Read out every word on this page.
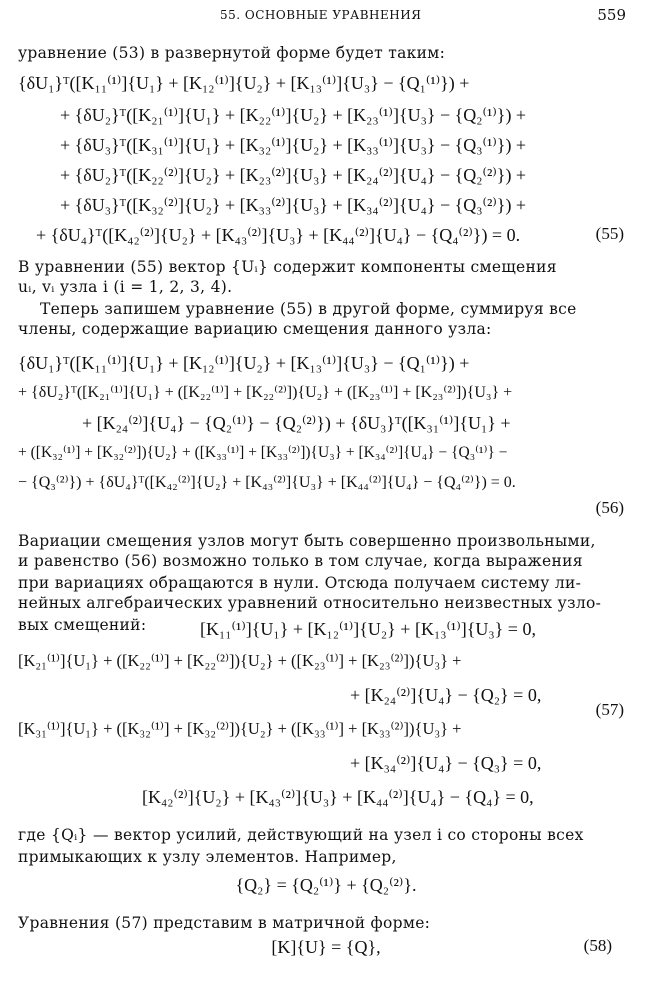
55. ОСНОВНЫЕ УРАВНЕНИЯ	559
уравнение (53) в развернутой форме будет таким:
{δU₁}ᵀ([K₁₁⁽¹⁾]{U₁} + [K₁₂⁽¹⁾]{U₂} + [K₁₃⁽¹⁾]{U₃} − {Q₁⁽¹⁾}) +
+ {δU₂}ᵀ([K₂₁⁽¹⁾]{U₁} + [K₂₂⁽¹⁾]{U₂} + [K₂₃⁽¹⁾]{U₃} − {Q₂⁽¹⁾}) +
+ {δU₃}ᵀ([K₃₁⁽¹⁾]{U₁} + [K₃₂⁽¹⁾]{U₂} + [K₃₃⁽¹⁾]{U₃} − {Q₃⁽¹⁾}) +
+ {δU₂}ᵀ([K₂₂⁽²⁾]{U₂} + [K₂₃⁽²⁾]{U₃} + [K₂₄⁽²⁾]{U₄} − {Q₂⁽²⁾}) +
+ {δU₃}ᵀ([K₃₂⁽²⁾]{U₂} + [K₃₃⁽²⁾]{U₃} + [K₃₄⁽²⁾]{U₄} − {Q₃⁽²⁾}) +
+ {δU₄}ᵀ([K₄₂⁽²⁾]{U₂} + [K₄₃⁽²⁾]{U₃} + [K₄₄⁽²⁾]{U₄} − {Q₄⁽²⁾}) = 0.	(55)
В уравнении (55) вектор {Uᵢ} содержит компоненты смещения
uᵢ, vᵢ узла i (i = 1, 2, 3, 4).
Теперь запишем уравнение (55) в другой форме, суммируя все
члены, содержащие вариацию смещения данного узла:
{δU₁}ᵀ([K₁₁⁽¹⁾]{U₁} + [K₁₂⁽¹⁾]{U₂} + [K₁₃⁽¹⁾]{U₃} − {Q₁⁽¹⁾}) +
+ {δU₂}ᵀ([K₂₁⁽¹⁾]{U₁} + ([K₂₂⁽¹⁾] + [K₂₂⁽²⁾]){U₂} + ([K₂₃⁽¹⁾] + [K₂₃⁽²⁾]){U₃} +
+ [K₂₄⁽²⁾]{U₄} − {Q₂⁽¹⁾} − {Q₂⁽²⁾}) + {δU₃}ᵀ([K₃₁⁽¹⁾]{U₁} +
+ ([K₃₂⁽¹⁾] + [K₃₂⁽²⁾]){U₂} + ([K₃₃⁽¹⁾] + [K₃₃⁽²⁾]){U₃} + [K₃₄⁽²⁾]{U₄} − {Q₃⁽¹⁾} −
− {Q₃⁽²⁾}) + {δU₄}ᵀ([K₄₂⁽²⁾]{U₂} + [K₄₃⁽²⁾]{U₃} + [K₄₄⁽²⁾]{U₄} − {Q₄⁽²⁾}) = 0.
(56)
Вариации смещения узлов могут быть совершенно произвольными,
и равенство (56) возможно только в том случае, когда выражения
при вариациях обращаются в нули. Отсюда получаем систему ли-
нейных алгебраических уравнений относительно неизвестных узло-
вых смещений:	[K₁₁⁽¹⁾]{U₁} + [K₁₂⁽¹⁾]{U₂} + [K₁₃⁽¹⁾]{U₃} = 0,
[K₂₁⁽¹⁾]{U₁} + ([K₂₂⁽¹⁾] + [K₂₂⁽²⁾]){U₂} + ([K₂₃⁽¹⁾] + [K₂₃⁽²⁾]){U₃} +
+ [K₂₄⁽²⁾]{U₄} − {Q₂} = 0,
(57)
[K₃₁⁽¹⁾]{U₁} + ([K₃₂⁽¹⁾] + [K₃₂⁽²⁾]){U₂} + ([K₃₃⁽¹⁾] + [K₃₃⁽²⁾]){U₃} +
+ [K₃₄⁽²⁾]{U₄} − {Q₃} = 0,
[K₄₂⁽²⁾]{U₂} + [K₄₃⁽²⁾]{U₃} + [K₄₄⁽²⁾]{U₄} − {Q₄} = 0,
где {Qᵢ} — вектор усилий, действующий на узел i со стороны всех
примыкающих к узлу элементов. Например,
{Q₂} = {Q₂⁽¹⁾} + {Q₂⁽²⁾}.
Уравнения (57) представим в матричной форме:
[K]{U} = {Q},	(58)
